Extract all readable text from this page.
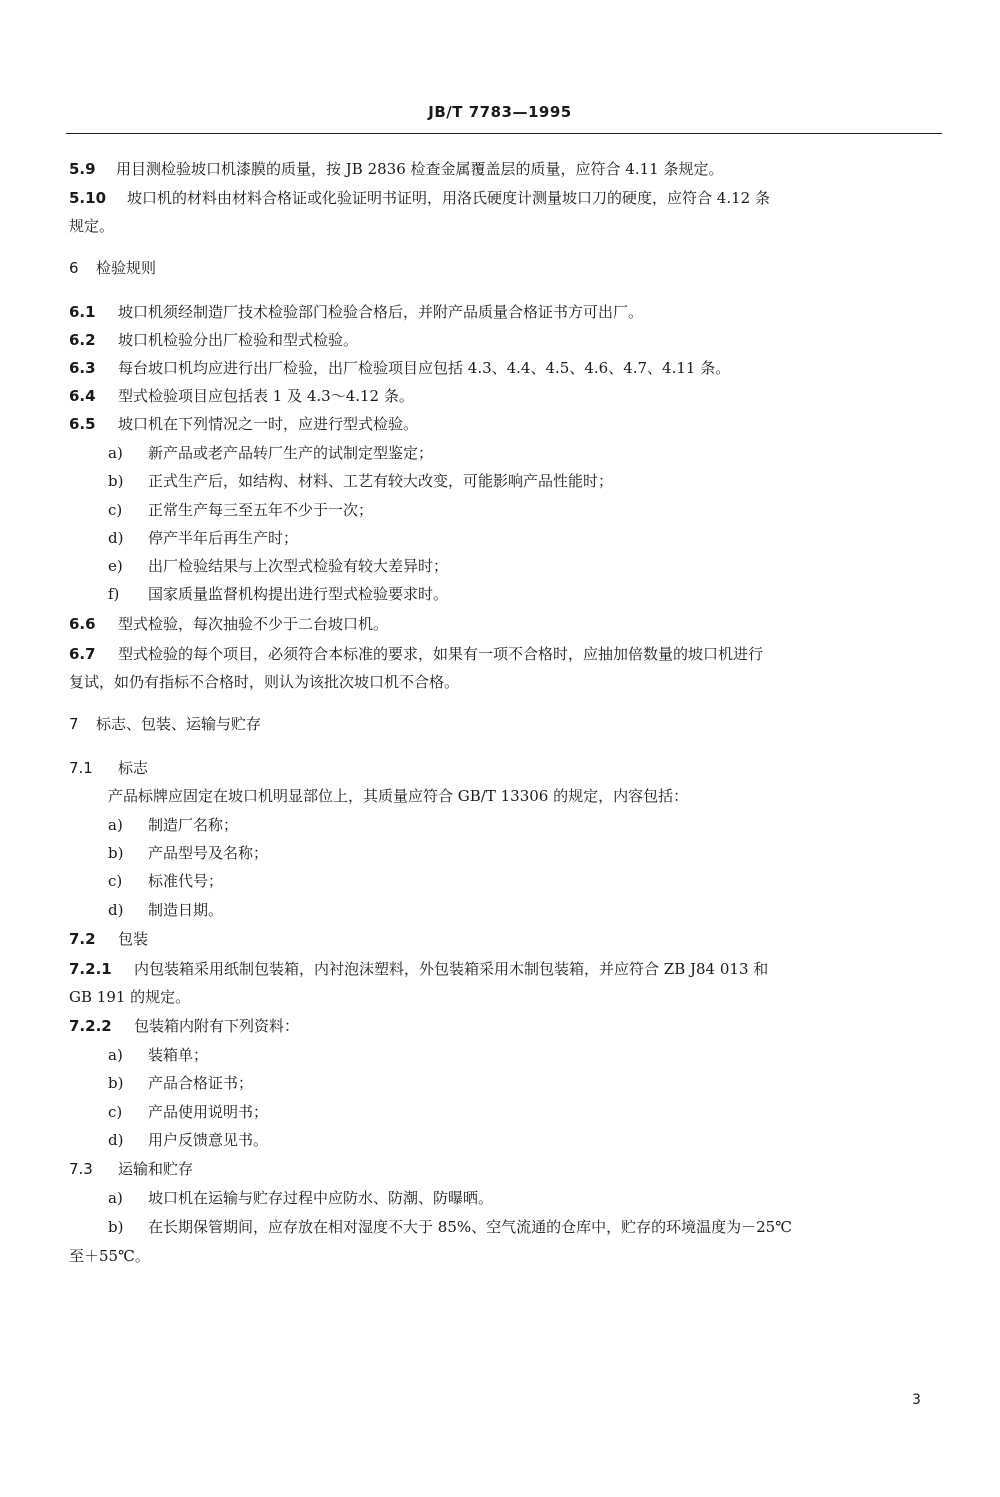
JB/T 7783—1995
5.9 用目测检验坡口机漆膜的质量，按 JB 2836 检查金属覆盖层的质量，应符合 4.11 条规定。
5.10 坡口机的材料由材料合格证或化验证明书证明，用洛氏硬度计测量坡口刀的硬度，应符合 4.12 条
规定。
6 检验规则
6.1 坡口机须经制造厂技术检验部门检验合格后，并附产品质量合格证书方可出厂。
6.2 坡口机检验分出厂检验和型式检验。
6.3 每台坡口机均应进行出厂检验，出厂检验项目应包括 4.3、4.4、4.5、4.6、4.7、4.11 条。
6.4 型式检验项目应包括表 1 及 4.3～4.12 条。
6.5 坡口机在下列情况之一时，应进行型式检验。
a) 新产品或老产品转厂生产的试制定型鉴定；
b) 正式生产后，如结构、材料、工艺有较大改变，可能影响产品性能时；
c) 正常生产每三至五年不少于一次；
d) 停产半年后再生产时；
e) 出厂检验结果与上次型式检验有较大差异时；
f) 国家质量监督机构提出进行型式检验要求时。
6.6 型式检验，每次抽验不少于二台坡口机。
6.7 型式检验的每个项目，必须符合本标准的要求，如果有一项不合格时，应抽加倍数量的坡口机进行
复试，如仍有指标不合格时，则认为该批次坡口机不合格。
7 标志、包装、运输与贮存
7.1 标志
产品标牌应固定在坡口机明显部位上，其质量应符合 GB/T 13306 的规定，内容包括：
a) 制造厂名称；
b) 产品型号及名称；
c) 标准代号；
d) 制造日期。
7.2 包装
7.2.1 内包装箱采用纸制包装箱，内衬泡沫塑料，外包装箱采用木制包装箱，并应符合 ZB J84 013 和
GB 191 的规定。
7.2.2 包装箱内附有下列资料：
a) 装箱单；
b) 产品合格证书；
c) 产品使用说明书；
d) 用户反馈意见书。
7.3 运输和贮存
a) 坡口机在运输与贮存过程中应防水、防潮、防曝晒。
b) 在长期保管期间，应存放在相对湿度不大于 85%、空气流通的仓库中，贮存的环境温度为－25℃
至＋55℃。
3
